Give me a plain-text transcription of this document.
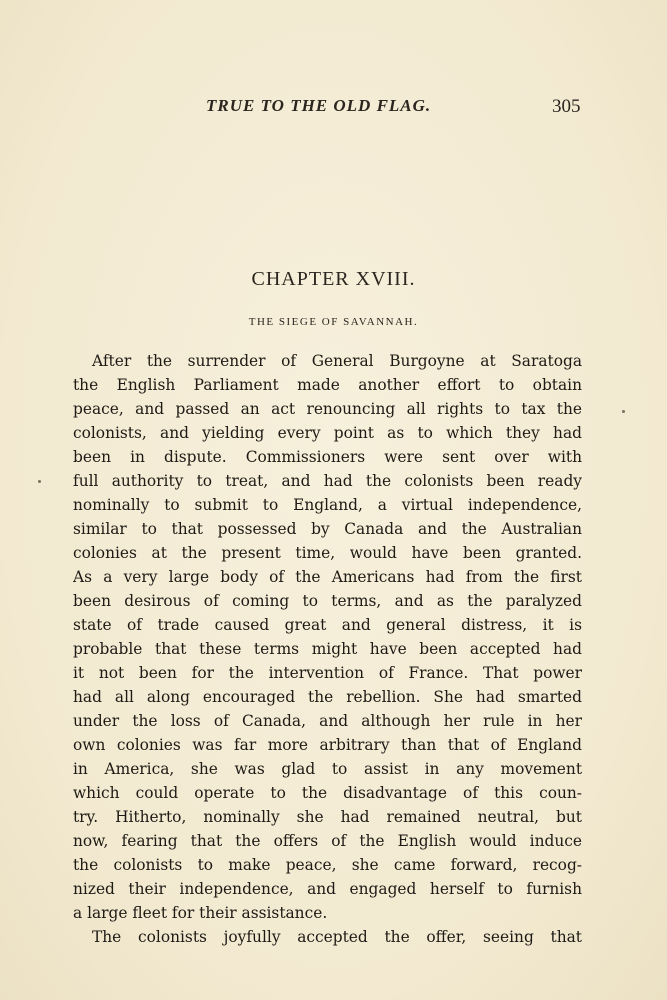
TRUE TO THE OLD FLAG.	305
CHAPTER XVIII.
THE SIEGE OF SAVANNAH.
After the surrender of General Burgoyne at Saratoga
the English Parliament made another effort to obtain
peace, and passed an act renouncing all rights to tax the
colonists, and yielding every point as to which they had
been in dispute. Commissioners were sent over with
full authority to treat, and had the colonists been ready
nominally to submit to England, a virtual independence,
similar to that possessed by Canada and the Australian
colonies at the present time, would have been granted.
As a very large body of the Americans had from the first
been desirous of coming to terms, and as the paralyzed
state of trade caused great and general distress, it is
probable that these terms might have been accepted had
it not been for the intervention of France. That power
had all along encouraged the rebellion. She had smarted
under the loss of Canada, and although her rule in her
own colonies was far more arbitrary than that of England
in America, she was glad to assist in any movement
which could operate to the disadvantage of this coun-
try. Hitherto, nominally she had remained neutral, but
now, fearing that the offers of the English would induce
the colonists to make peace, she came forward, recog-
nized their independence, and engaged herself to furnish
a large fleet for their assistance.
The colonists joyfully accepted the offer, seeing that
